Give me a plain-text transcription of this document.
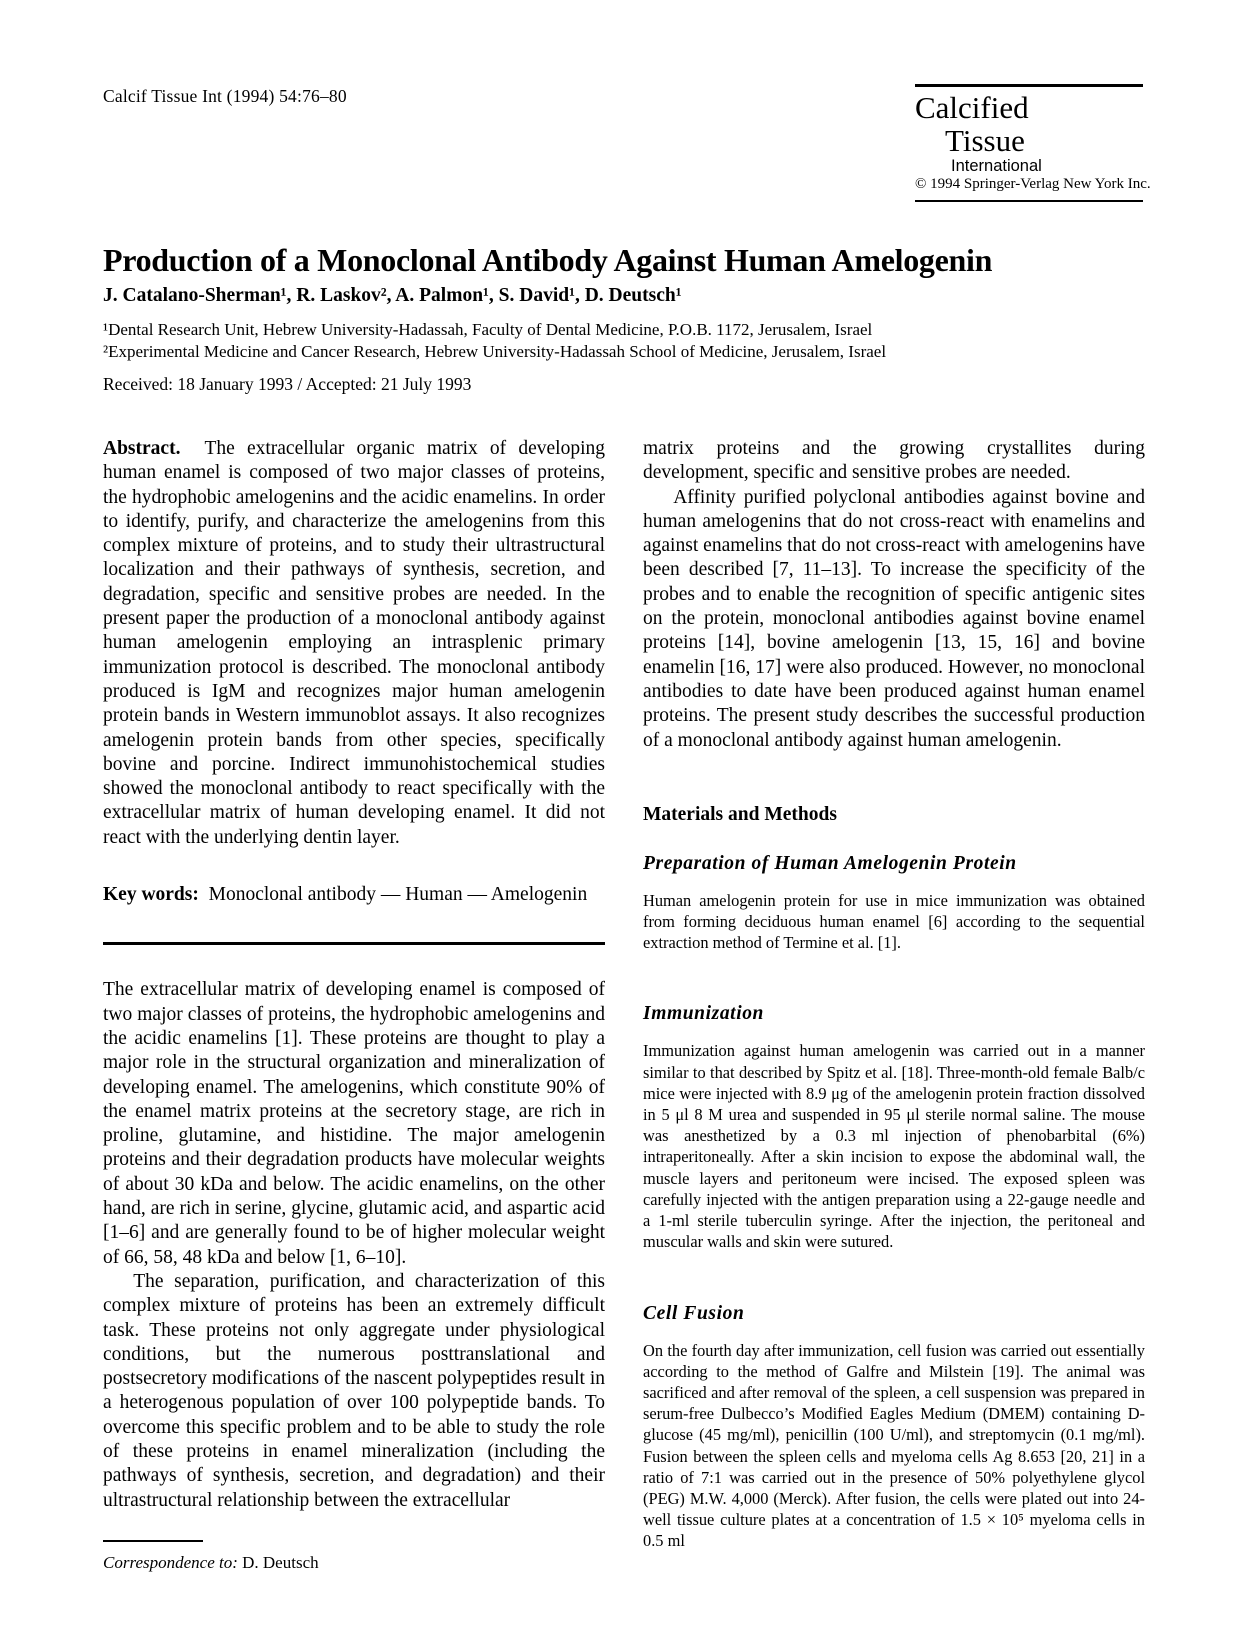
Calcif Tissue Int (1994) 54:76–80	Calcified
Tissue
International
© 1994 Springer-Verlag New York Inc.
Production of a Monoclonal Antibody Against Human Amelogenin
J. Catalano-Sherman¹, R. Laskov², A. Palmon¹, S. David¹, D. Deutsch¹
¹Dental Research Unit, Hebrew University-Hadassah, Faculty of Dental Medicine, P.O.B. 1172, Jerusalem, Israel
²Experimental Medicine and Cancer Research, Hebrew University-Hadassah School of Medicine, Jerusalem, Israel
Received: 18 January 1993 / Accepted: 21 July 1993

Abstract. The extracellular organic matrix of developing human enamel is composed of two major classes of proteins, the hydrophobic amelogenins and the acidic enamelins. In order to identify, purify, and characterize the amelogenins from this complex mixture of proteins, and to study their ultrastructural localization and their pathways of synthesis, secretion, and degradation, specific and sensitive probes are needed. In the present paper the production of a monoclonal antibody against human amelogenin employing an intrasplenic primary immunization protocol is described. The monoclonal antibody produced is IgM and recognizes major human amelogenin protein bands in Western immunoblot assays. It also recognizes amelogenin protein bands from other species, specifically bovine and porcine. Indirect immunohistochemical studies showed the monoclonal antibody to react specifically with the extracellular matrix of human developing enamel. It did not react with the underlying dentin layer.

Key words: Monoclonal antibody — Human — Amelogenin

The extracellular matrix of developing enamel is composed of two major classes of proteins, the hydrophobic amelogenins and the acidic enamelins [1]. These proteins are thought to play a major role in the structural organization and mineralization of developing enamel. The amelogenins, which constitute 90% of the enamel matrix proteins at the secretory stage, are rich in proline, glutamine, and histidine. The major amelogenin proteins and their degradation products have molecular weights of about 30 kDa and below. The acidic enamelins, on the other hand, are rich in serine, glycine, glutamic acid, and aspartic acid [1–6] and are generally found to be of higher molecular weight of 66, 58, 48 kDa and below [1, 6–10].

The separation, purification, and characterization of this complex mixture of proteins has been an extremely difficult task. These proteins not only aggregate under physiological conditions, but the numerous posttranslational and postsecretory modifications of the nascent polypeptides result in a heterogenous population of over 100 polypeptide bands. To overcome this specific problem and to be able to study the role of these proteins in enamel mineralization (including the pathways of synthesis, secretion, and degradation) and their ultrastructural relationship between the extracellular

Correspondence to: D. Deutsch

matrix proteins and the growing crystallites during development, specific and sensitive probes are needed.

Affinity purified polyclonal antibodies against bovine and human amelogenins that do not cross-react with enamelins and against enamelins that do not cross-react with amelogenins have been described [7, 11–13]. To increase the specificity of the probes and to enable the recognition of specific antigenic sites on the protein, monoclonal antibodies against bovine enamel proteins [14], bovine amelogenin [13, 15, 16] and bovine enamelin [16, 17] were also produced. However, no monoclonal antibodies to date have been produced against human enamel proteins. The present study describes the successful production of a monoclonal antibody against human amelogenin.

Materials and Methods
Preparation of Human Amelogenin Protein

Human amelogenin protein for use in mice immunization was obtained from forming deciduous human enamel [6] according to the sequential extraction method of Termine et al. [1].

Immunization

Immunization against human amelogenin was carried out in a manner similar to that described by Spitz et al. [18]. Three-month-old female Balb/c mice were injected with 8.9 μg of the amelogenin protein fraction dissolved in 5 μl 8 M urea and suspended in 95 μl sterile normal saline. The mouse was anesthetized by a 0.3 ml injection of phenobarbital (6%) intraperitoneally. After a skin incision to expose the abdominal wall, the muscle layers and peritoneum were incised. The exposed spleen was carefully injected with the antigen preparation using a 22-gauge needle and a 1-ml sterile tuberculin syringe. After the injection, the peritoneal and muscular walls and skin were sutured.

Cell Fusion

On the fourth day after immunization, cell fusion was carried out essentially according to the method of Galfre and Milstein [19]. The animal was sacrificed and after removal of the spleen, a cell suspension was prepared in serum-free Dulbecco’s Modified Eagles Medium (DMEM) containing D-glucose (45 mg/ml), penicillin (100 U/ml), and streptomycin (0.1 mg/ml). Fusion between the spleen cells and myeloma cells Ag 8.653 [20, 21] in a ratio of 7:1 was carried out in the presence of 50% polyethylene glycol (PEG) M.W. 4,000 (Merck). After fusion, the cells were plated out into 24-well tissue culture plates at a concentration of 1.5 × 10⁵ myeloma cells in 0.5 ml
